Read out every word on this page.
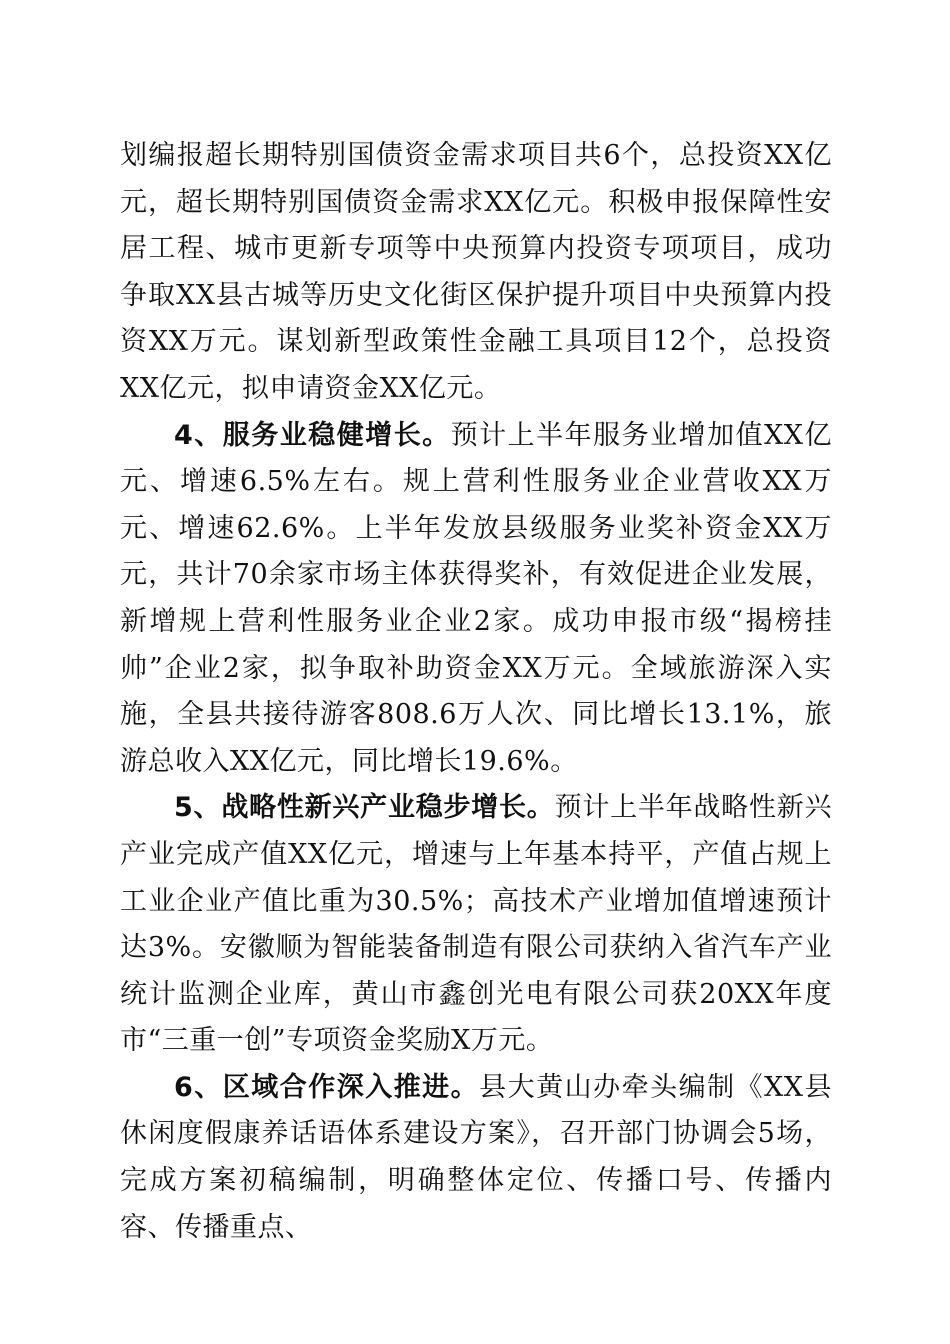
划编报超长期特别国债资金需求项目共6个，总投资XX亿元，超长期特别国债资金需求XX亿元。积极申报保障性安居工程、城市更新专项等中央预算内投资专项项目，成功争取XX县古城等历史文化街区保护提升项目中央预算内投资XX万元。谋划新型政策性金融工具项目12个，总投资XX亿元，拟申请资金XX亿元。

4、服务业稳健增长。预计上半年服务业增加值XX亿元、增速6.5%左右。规上营利性服务业企业营收XX万元、增速62.6%。上半年发放县级服务业奖补资金XX万元，共计70余家市场主体获得奖补，有效促进企业发展，新增规上营利性服务业企业2家。成功申报市级“揭榜挂帅”企业2家，拟争取补助资金XX万元。全域旅游深入实施，全县共接待游客808.6万人次、同比增长13.1%，旅游总收入XX亿元，同比增长19.6%。

5、战略性新兴产业稳步增长。预计上半年战略性新兴产业完成产值XX亿元，增速与上年基本持平，产值占规上工业企业产值比重为30.5%；高技术产业增加值增速预计达3%。安徽顺为智能装备制造有限公司获纳入省汽车产业统计监测企业库，黄山市鑫创光电有限公司获20XX年度市“三重一创”专项资金奖励X万元。

6、区域合作深入推进。县大黄山办牵头编制《XX县休闲度假康养话语体系建设方案》，召开部门协调会5场，完成方案初稿编制，明确整体定位、传播口号、传播内容、传播重点、
